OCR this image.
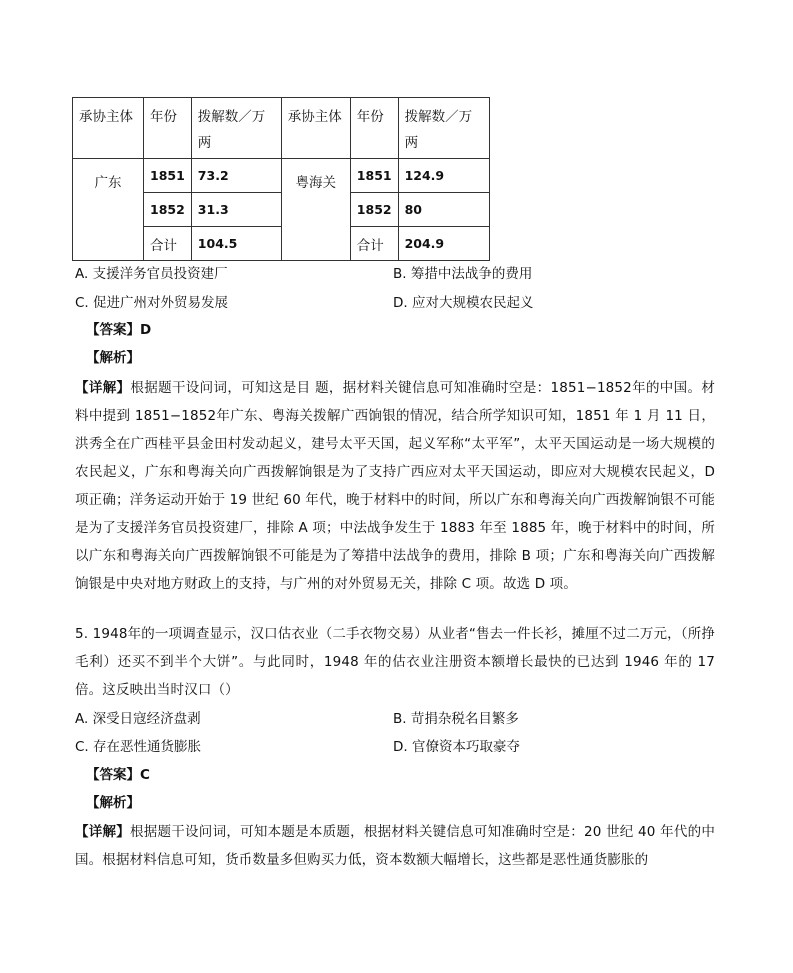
承协主体	年份	拨解数／万两	承协主体	年份	拨解数／万两
广东	1851	73.2	粤海关	1851	124.9
	1852	31.3		1852	80
	合计	104.5		合计	204.9
A. 支援洋务官员投资建厂	B. 筹措中法战争的费用
C. 促进广州对外贸易发展	D. 应对大规模农民起义
【答案】D
【解析】
【详解】根据题干设问词，可知这是目 题，据材料关键信息可知准确时空是：1851−1852年的中国。材料中提到 1851−1852年广东、粤海关拨解广西饷银的情况，结合所学知识可知，1851 年 1 月 11 日，洪秀全在广西桂平县金田村发动起义，建号太平天国，起义军称“太平军”，太平天国运动是一场大规模的农民起义，广东和粤海关向广西拨解饷银是为了支持广西应对太平天国运动，即应对大规模农民起义，D 项正确；洋务运动开始于 19 世纪 60 年代，晚于材料中的时间，所以广东和粤海关向广西拨解饷银不可能是为了支援洋务官员投资建厂，排除 A 项；中法战争发生于 1883 年至 1885 年，晚于材料中的时间，所以广东和粤海关向广西拨解饷银不可能是为了筹措中法战争的费用，排除 B 项；广东和粤海关向广西拨解饷银是中央对地方财政上的支持，与广州的对外贸易无关，排除 C 项。故选 D 项。
5. 1948年的一项调查显示，汉口估衣业（二手衣物交易）从业者“售去一件长衫，摊厘不过二万元，（所挣毛利）还买不到半个大饼”。与此同时，1948 年的估衣业注册资本额增长最快的已达到 1946 年的 17 倍。这反映出当时汉口（）
A. 深受日寇经济盘剥	B. 苛捐杂税名目繁多
C. 存在恶性通货膨胀	D. 官僚资本巧取豪夺
【答案】C
【解析】
【详解】根据题干设问词，可知本题是本质题，根据材料关键信息可知准确时空是：20 世纪 40 年代的中国。根据材料信息可知，货币数量多但购买力低，资本数额大幅增长，这些都是恶性通货膨胀的
